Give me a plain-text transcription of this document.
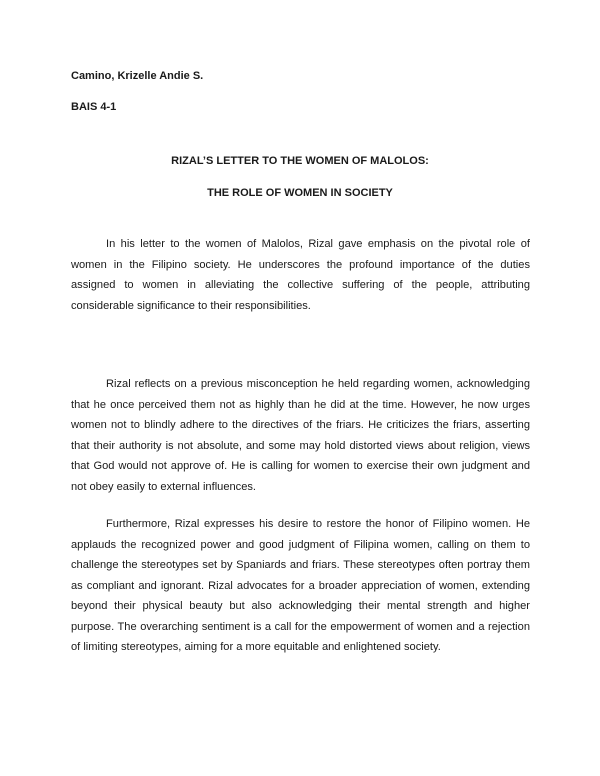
Camino, Krizelle Andie S.
BAIS 4-1
RIZAL’S LETTER TO THE WOMEN OF MALOLOS:
THE ROLE OF WOMEN IN SOCIETY

In his letter to the women of Malolos, Rizal gave emphasis on the pivotal role of women in the Filipino society. He underscores the profound importance of the duties assigned to women in alleviating the collective suffering of the people, attributing considerable significance to their responsibilities.

Rizal reflects on a previous misconception he held regarding women, acknowledging that he once perceived them not as highly than he did at the time. However, he now urges women not to blindly adhere to the directives of the friars. He criticizes the friars, asserting that their authority is not absolute, and some may hold distorted views about religion, views that God would not approve of. He is calling for women to exercise their own judgment and not obey easily to external influences.

Furthermore, Rizal expresses his desire to restore the honor of Filipino women. He applauds the recognized power and good judgment of Filipina women, calling on them to challenge the stereotypes set by Spaniards and friars. These stereotypes often portray them as compliant and ignorant. Rizal advocates for a broader appreciation of women, extending beyond their physical beauty but also acknowledging their mental strength and higher purpose. The overarching sentiment is a call for the empowerment of women and a rejection of limiting stereotypes, aiming for a more equitable and enlightened society.
